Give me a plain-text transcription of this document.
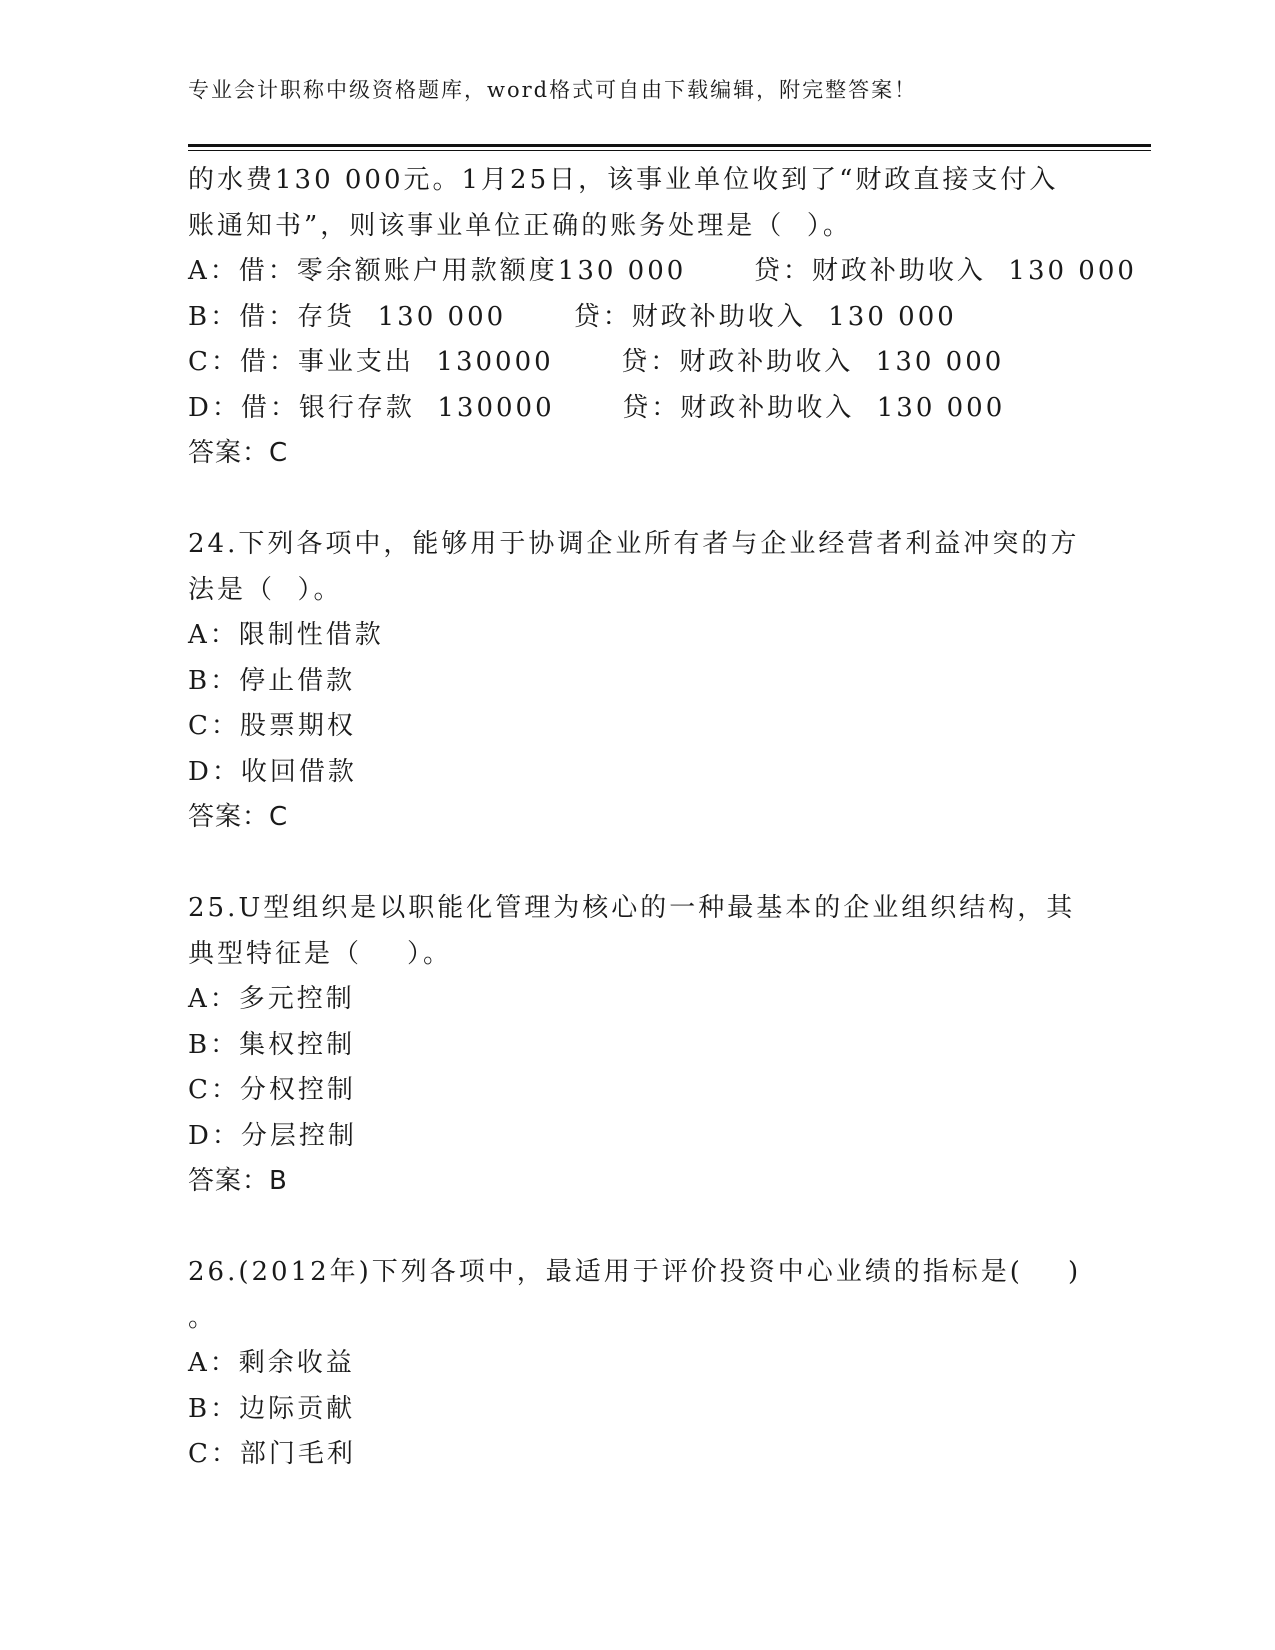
专业会计职称中级资格题库，word格式可自由下载编辑，附完整答案！
的水费130 000元。1月25日，该事业单位收到了“财政直接支付入
账通知书”，则该事业单位正确的账务处理是（  ）。
A：借：零余额账户用款额度130 000      贷：财政补助收入  130 000
B：借：存货  130 000      贷：财政补助收入  130 000
C：借：事业支出  130000      贷：财政补助收入  130 000
D：借：银行存款  130000      贷：财政补助收入  130 000
答案：C
24.下列各项中，能够用于协调企业所有者与企业经营者利益冲突的方
法是（  ）。
A：限制性借款
B：停止借款
C：股票期权
D：收回借款
答案：C
25.U型组织是以职能化管理为核心的一种最基本的企业组织结构，其
典型特征是（    ）。
A：多元控制
B：集权控制
C：分权控制
D：分层控制
答案：B
26.(2012年)下列各项中，最适用于评价投资中心业绩的指标是(    )
。
A：剩余收益
B：边际贡献
C：部门毛利
